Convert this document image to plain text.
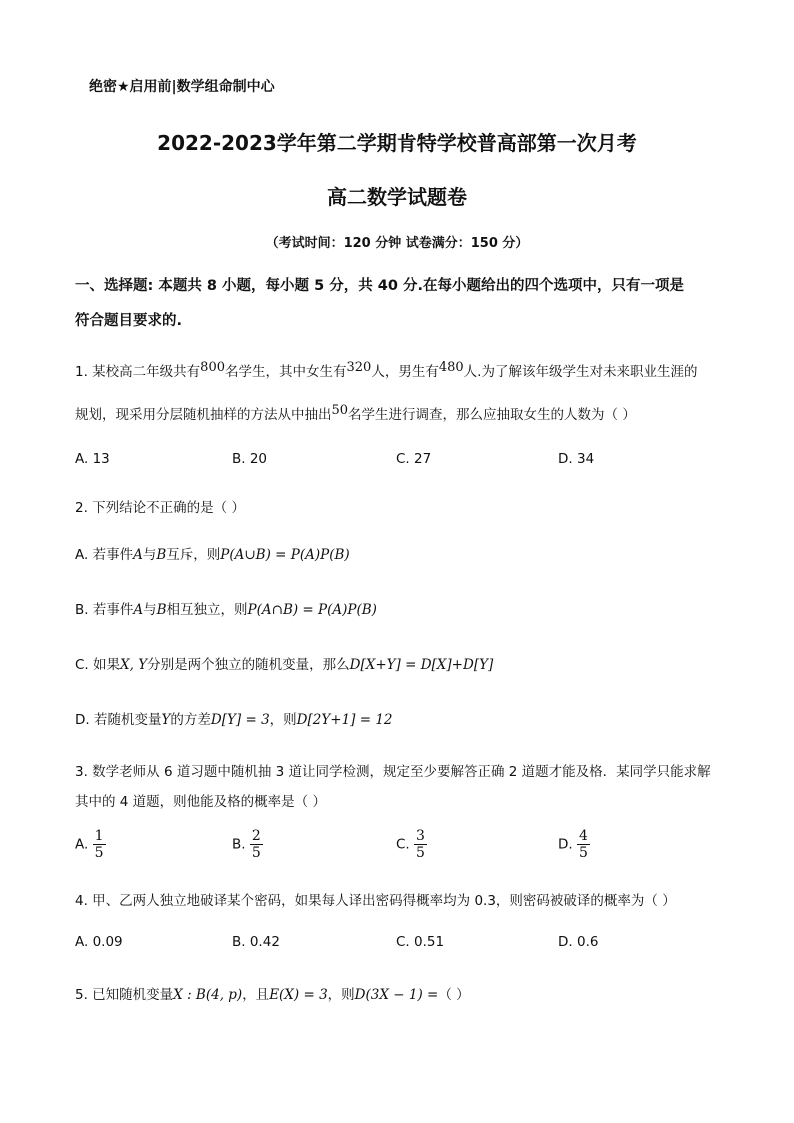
绝密★启用前|数学组命制中心
2022-2023学年第二学期肯特学校普高部第一次月考
高二数学试题卷
（考试时间：120 分钟 试卷满分：150 分）
一、选择题: 本题共 8 小题，每小题 5 分，共 40 分.在每小题给出的四个选项中，只有一项是
符合题目要求的.
1. 某校高二年级共有800名学生，其中女生有320人，男生有480人.为了解该年级学生对未来职业生涯的
规划，现采用分层随机抽样的方法从中抽出50名学生进行调查，那么应抽取女生的人数为（ ）
A. 13	B. 20	C. 27	D. 34
2. 下列结论不正确的是（ ）
A. 若事件A与B互斥，则P(A∪B) = P(A)P(B)
B. 若事件A与B相互独立，则P(A∩B) = P(A)P(B)
C. 如果X, Y分别是两个独立的随机变量，那么D[X+Y] = D[X]+D[Y]
D. 若随机变量Y的方差D[Y] = 3，则D[2Y+1] = 12
3. 数学老师从 6 道习题中随机抽 3 道让同学检测，规定至少要解答正确 2 道题才能及格．某同学只能求解
其中的 4 道题，则他能及格的概率是（ ）
A. $\frac{1}{5}$	B. $\frac{2}{5}$	C. $\frac{3}{5}$	D. $\frac{4}{5}$
4. 甲、乙两人独立地破译某个密码，如果每人译出密码得概率均为 0.3，则密码被破译的概率为（ ）
A. 0.09	B. 0.42	C. 0.51	D. 0.6
5. 已知随机变量X : B(4, p)，且E(X) = 3，则D(3X − 1) =（ ）
